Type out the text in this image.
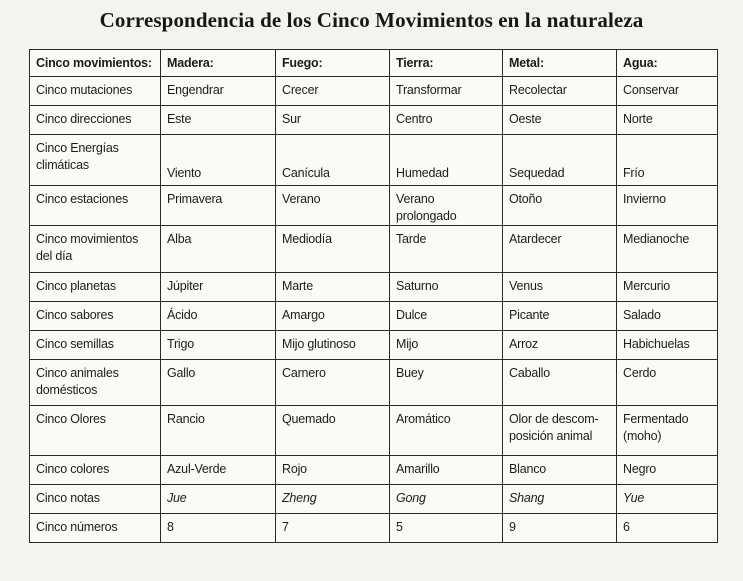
Correspondencia de los Cinco Movimientos en la naturaleza
Cinco movimientos:	Madera:	Fuego:	Tierra:	Metal:	Agua:
Cinco mutaciones	Engendrar	Crecer	Transformar	Recolectar	Conservar
Cinco direcciones	Este	Sur	Centro	Oeste	Norte
Cinco Energías climáticas	Viento	Canícula	Humedad	Sequedad	Frío
Cinco estaciones	Primavera	Verano	Verano prolongado	Otoño	Invierno
Cinco movimientos del día	Alba	Mediodía	Tarde	Atardecer	Medianoche
Cinco planetas	Júpiter	Marte	Saturno	Venus	Mercurio
Cinco sabores	Ácido	Amargo	Dulce	Picante	Salado
Cinco semillas	Trigo	Mijo glutinoso	Mijo	Arroz	Habichuelas
Cinco animales domésticos	Gallo	Carnero	Buey	Caballo	Cerdo
Cinco Olores	Rancio	Quemado	Aromático	Olor de descom-posición animal	Fermentado (moho)
Cinco colores	Azul-Verde	Rojo	Amarillo	Blanco	Negro
Cinco notas	Jue	Zheng	Gong	Shang	Yue
Cinco números	8	7	5	9	6
